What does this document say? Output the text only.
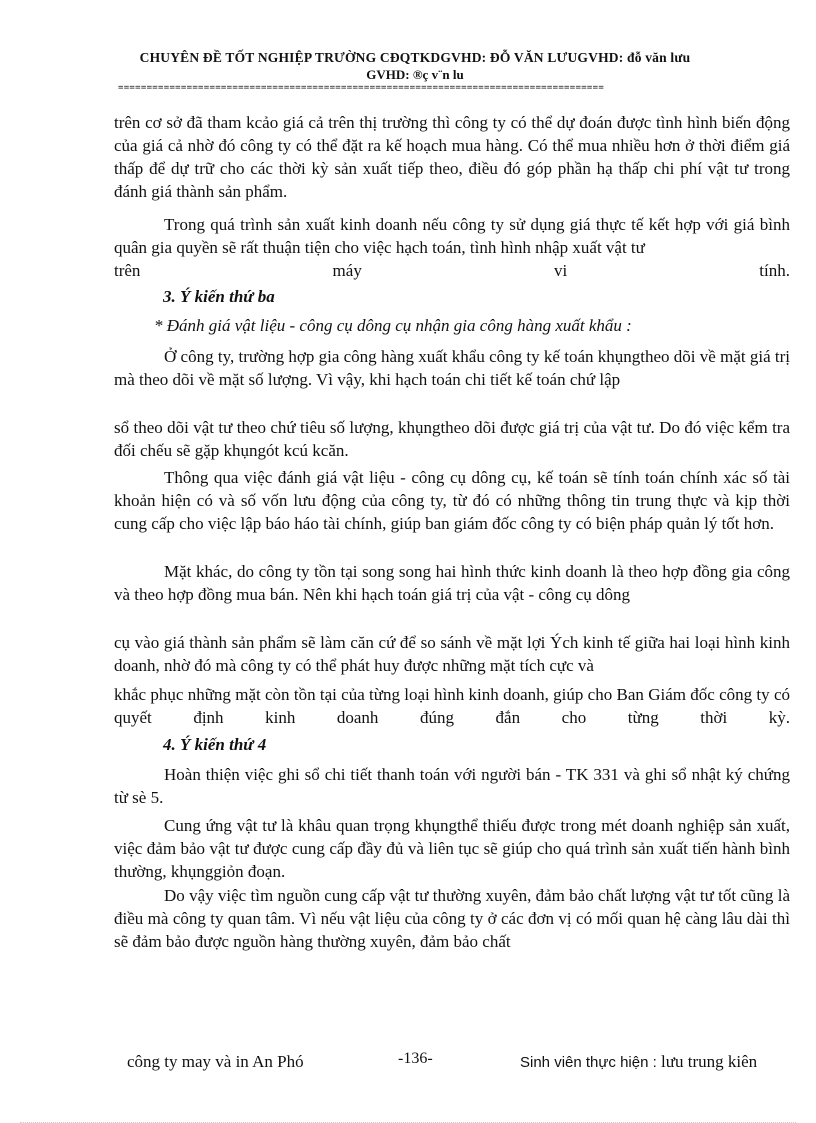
CHUYÊN ĐỀ TỐT NGHIỆP TRƯỜNG CĐQTKDGVHD: ĐỖ VĂN LƯUGVHD: đỗ văn lưu
GVHD: ®ç v¨n lu
=====================================================================================
trên cơ sở đã tham kcảo giá cả trên thị trường thì công ty có thể dự đoán được tình hình biến động của giá cả nhờ đó công ty có thể đặt ra kế hoạch mua hàng. Có thể mua nhiều hơn ở thời điểm giá thấp để dự trữ cho các thời kỳ sản xuất tiếp theo, điều đó góp phần hạ thấp chi phí vật tư trong đánh giá thành sản phẩm.
Trong quá trình sản xuất kinh doanh nếu công ty sử dụng giá thực tế kết hợp với giá bình quân gia quyền sẽ rất thuận tiện cho việc hạch toán, tình hình nhập xuất vật tư
trên máy vi tính.
3. Ý kiến thứ ba
* Đánh giá vật liệu - công cụ dông cụ nhận gia công hàng xuất khẩu :
Ở công ty, trường hợp gia công hàng xuất khẩu công ty kế toán khụngtheo dõi về mặt giá trị mà theo dõi về mặt số lượng. Vì vậy, khi hạch toán chi tiết kế toán chứ lập
sổ theo dõi vật tư theo chứ tiêu số lượng, khụngtheo dõi được giá trị của vật tư. Do đó việc kểm tra đối chếu sẽ gặp khụngót kcú kcăn.
Thông qua việc đánh giá vật liệu - công cụ dông cụ, kế toán sẽ tính toán chính xác số tài khoản hiện có và số vốn lưu động của công ty, từ đó có những thông tin trung thực và kịp thời cung cấp cho việc lập báo háo tài chính, giúp ban giám đốc công ty có biện pháp quản lý tốt hơn.
Mặt khác, do công ty tồn tại song song hai hình thức kinh doanh là theo hợp đồng gia công và theo hợp đồng mua bán. Nên khi hạch toán giá trị của vật - công cụ dông
cụ vào giá thành sản phẩm sẽ làm căn cứ để so sánh về mặt lợi Ých kinh tế giữa hai loại hình kinh doanh, nhờ đó mà công ty có thể phát huy được những mặt tích cực và
khắc phục những mặt còn tồn tại của từng loại hình kinh doanh, giúp cho Ban Giám đốc công ty có quyết định kinh doanh đúng đắn cho từng thời kỳ.
4. Ý kiến thứ 4
Hoàn thiện việc ghi sổ chi tiết thanh toán với người bán - TK 331 và ghi sổ nhật ký chứng từ sè 5.
Cung ứng vật tư là khâu quan trọng khụngthể thiếu được trong mét doanh nghiệp sản xuất, việc đảm bảo vật tư được cung cấp đầy đủ và liên tục sẽ giúp cho quá trình sản xuất tiến hành bình thường, khụnggiỏn đoạn.
Do vậy việc tìm nguồn cung cấp vật tư thường xuyên, đảm bảo chất lượng vật tư tốt cũng là điều mà công ty quan tâm. Vì nếu vật liệu của công ty ở các đơn vị có mối quan hệ càng lâu dài thì sẽ đảm bảo được nguồn hàng thường xuyên, đảm bảo chất
công ty may và in An Phó	-136-	Sinh viên thực hiện : lưu trung kiên
